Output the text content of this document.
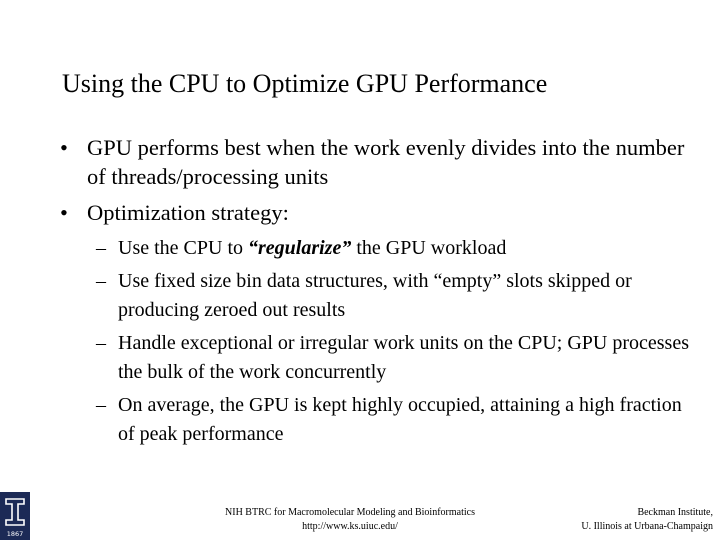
Using the CPU to Optimize GPU Performance
• GPU performs best when the work evenly divides into the number of threads/processing units
• Optimization strategy:
– Use the CPU to “regularize” the GPU workload
– Use fixed size bin data structures, with “empty” slots skipped or producing zeroed out results
– Handle exceptional or irregular work units on the CPU; GPU processes the bulk of the work concurrently
– On average, the GPU is kept highly occupied, attaining a high fraction of peak performance
1867
NIH BTRC for Macromolecular Modeling and Bioinformatics
http://www.ks.uiuc.edu/
Beckman Institute,
U. Illinois at Urbana-Champaign
